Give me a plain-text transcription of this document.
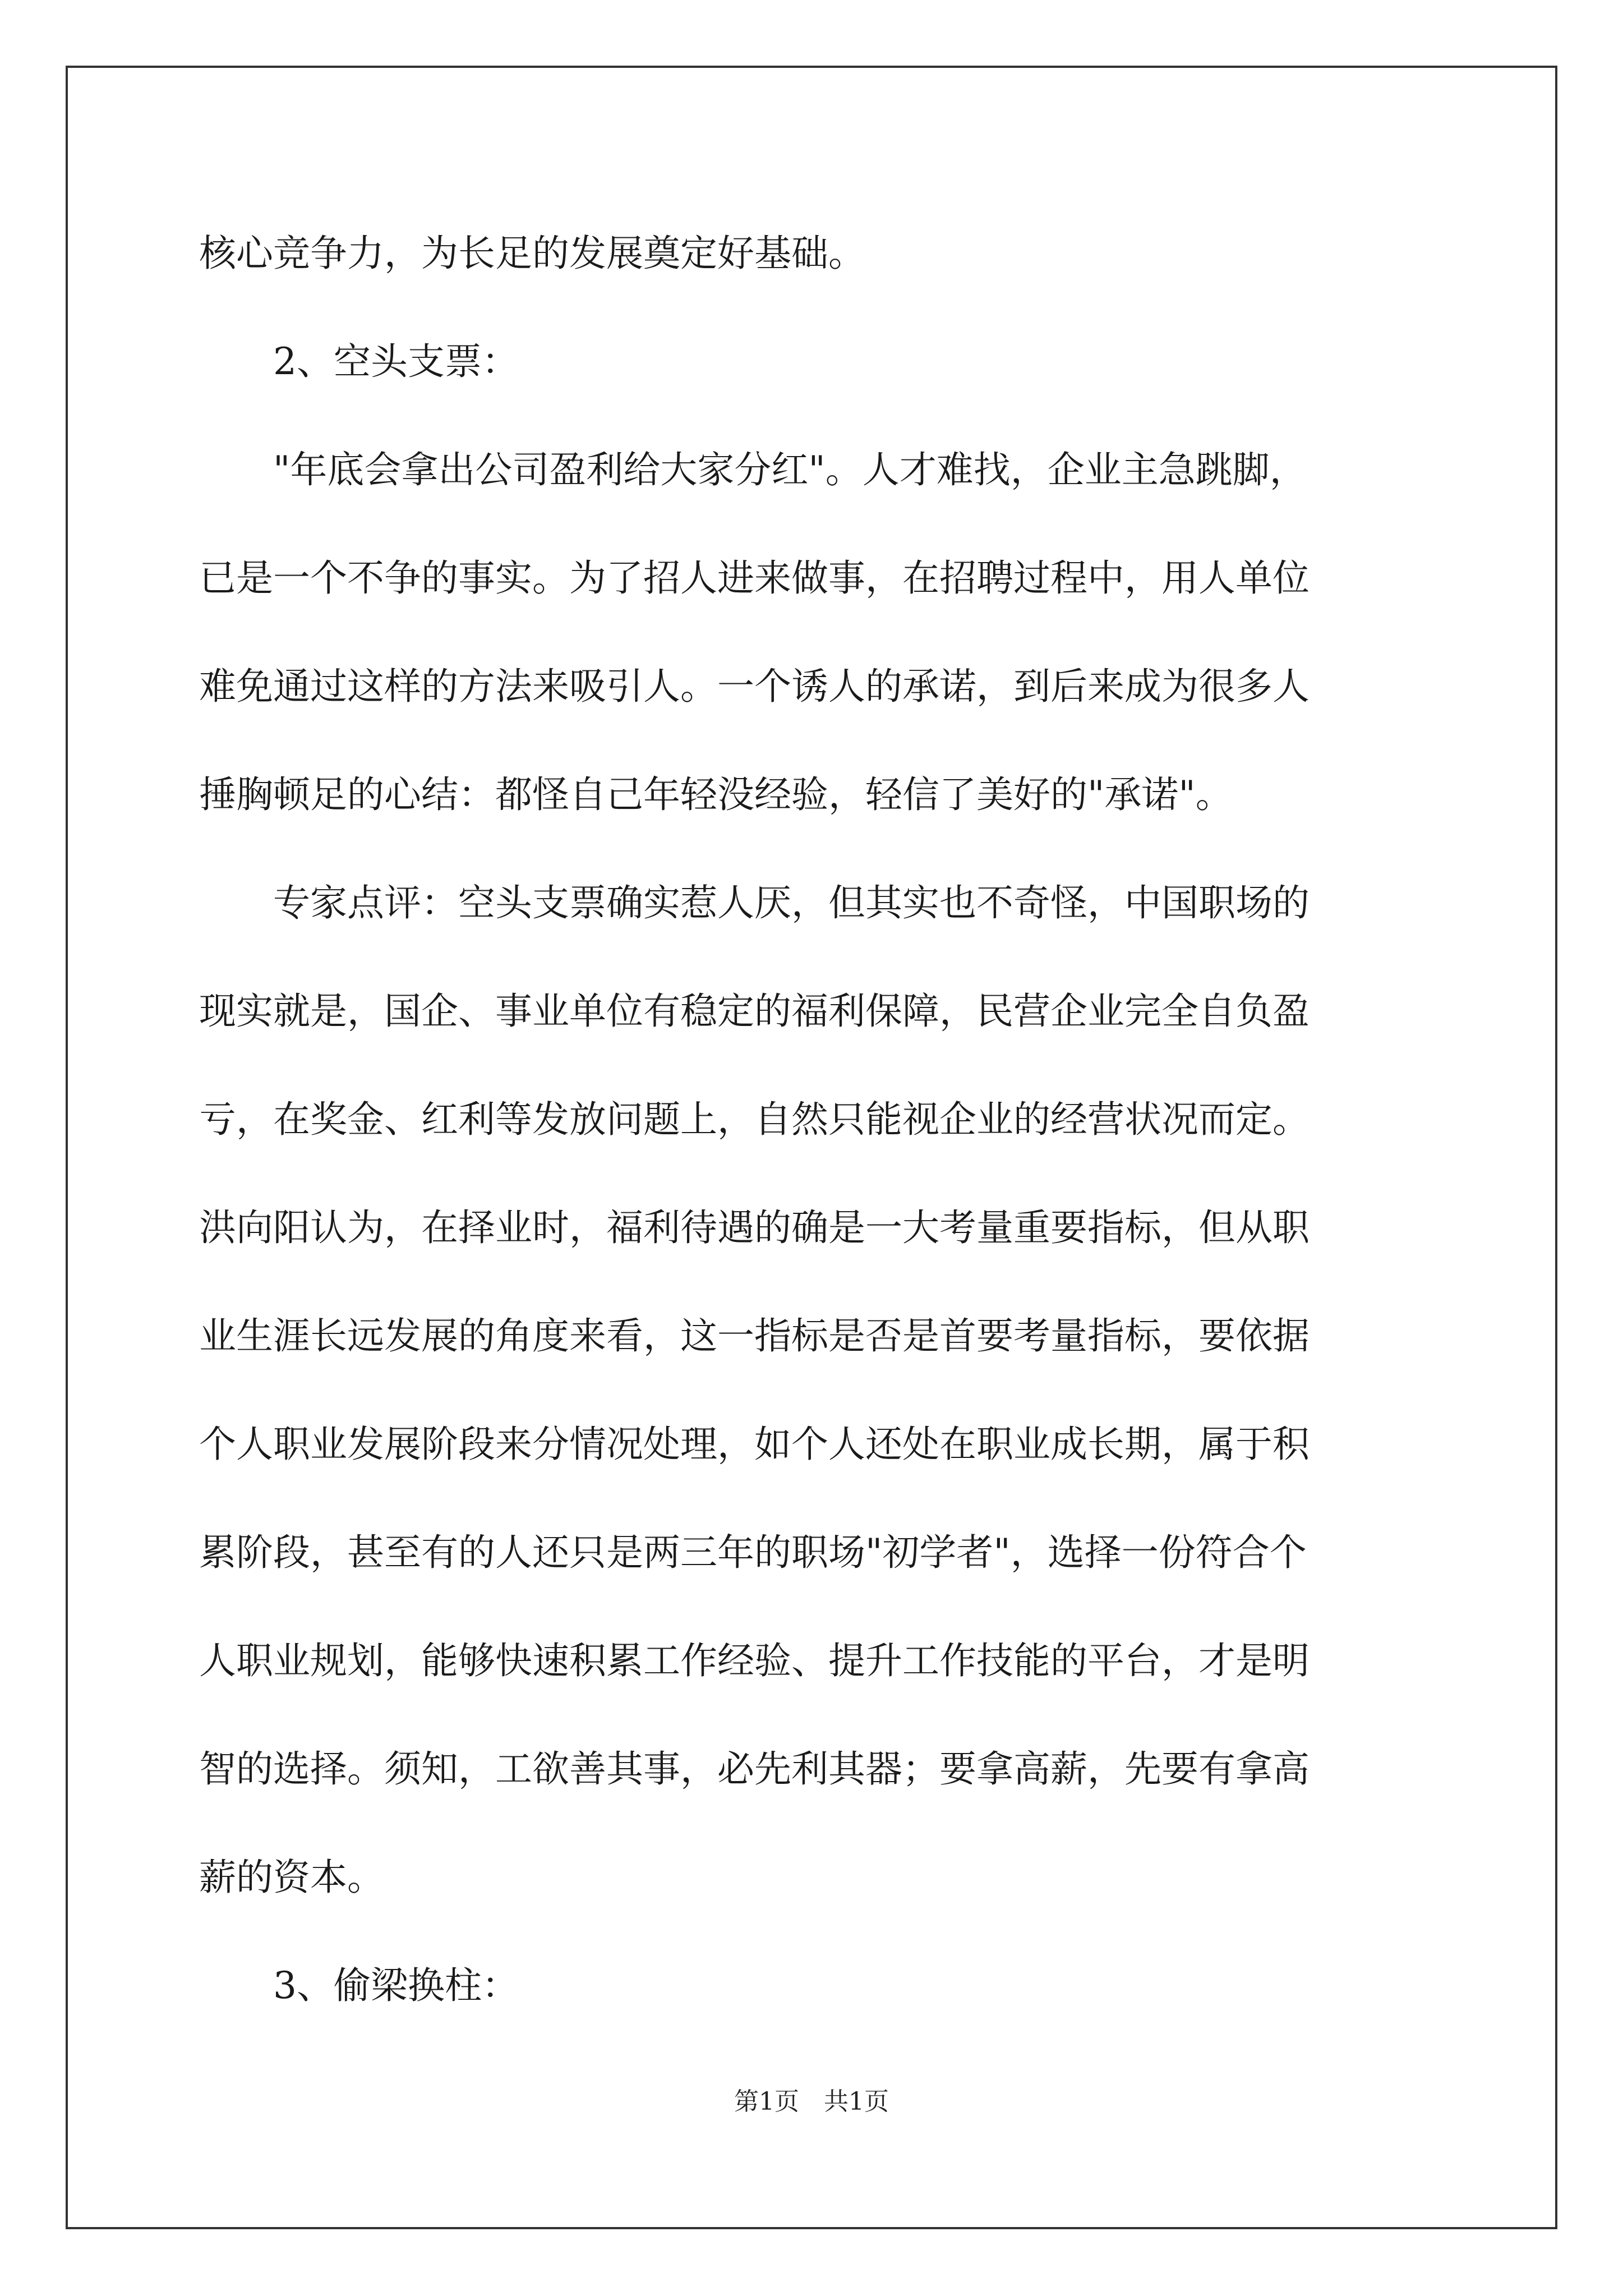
核心竞争力，为长足的发展奠定好基础。
2、空头支票：
"年底会拿出公司盈利给大家分红"。人才难找，企业主急跳脚，
已是一个不争的事实。为了招人进来做事，在招聘过程中，用人单位
难免通过这样的方法来吸引人。一个诱人的承诺，到后来成为很多人
捶胸顿足的心结：都怪自己年轻没经验，轻信了美好的"承诺"。
专家点评：空头支票确实惹人厌，但其实也不奇怪，中国职场的
现实就是，国企、事业单位有稳定的福利保障，民营企业完全自负盈
亏，在奖金、红利等发放问题上，自然只能视企业的经营状况而定。
洪向阳认为，在择业时，福利待遇的确是一大考量重要指标，但从职
业生涯长远发展的角度来看，这一指标是否是首要考量指标，要依据
个人职业发展阶段来分情况处理，如个人还处在职业成长期，属于积
累阶段，甚至有的人还只是两三年的职场"初学者"，选择一份符合个
人职业规划，能够快速积累工作经验、提升工作技能的平台，才是明
智的选择。须知，工欲善其事，必先利其器；要拿高薪，先要有拿高
薪的资本。
3、偷梁换柱：
第1页　共1页
